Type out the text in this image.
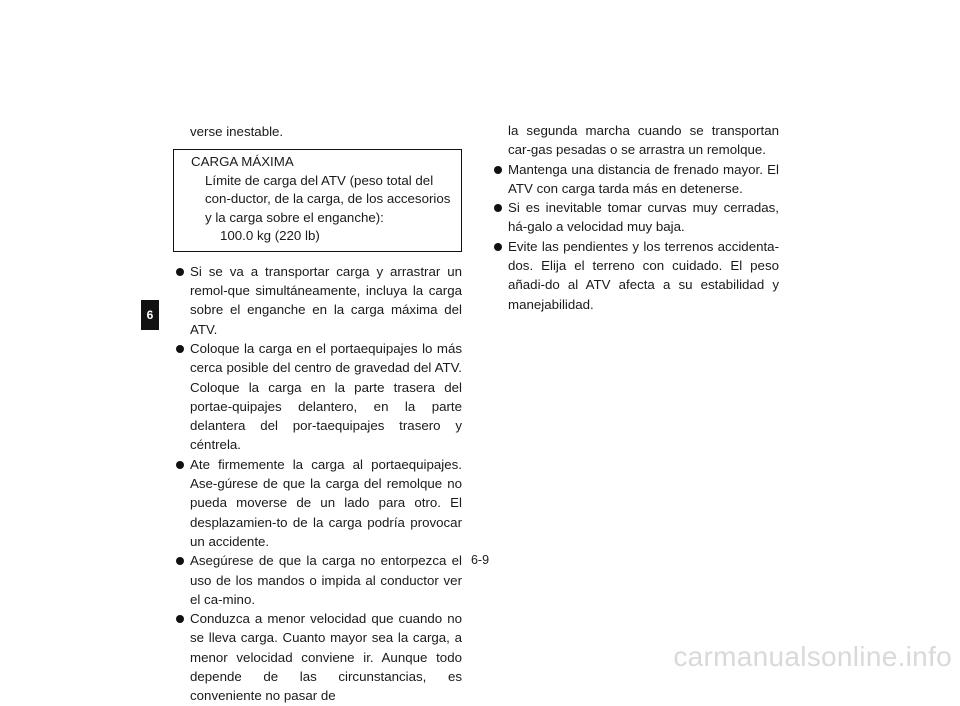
6

verse inestable.

CARGA MÁXIMA
Límite de carga del ATV (peso total del con-ductor, de la carga, de los accesorios y la carga sobre el enganche):
100.0 kg (220 lb)
Si se va a transportar carga y arrastrar un remol-que simultáneamente, incluya la carga sobre el enganche en la carga máxima del ATV.
Coloque la carga en el portaequipajes lo más cerca posible del centro de gravedad del ATV. Coloque la carga en la parte trasera del portae-quipajes delantero, en la parte delantera del por-taequipajes trasero y céntrela.
Ate firmemente la carga al portaequipajes. Ase-gúrese de que la carga del remolque no pueda moverse de un lado para otro. El desplazamien-to de la carga podría provocar un accidente.
Asegúrese de que la carga no entorpezca el uso de los mandos o impida al conductor ver el ca-mino.
Conduzca a menor velocidad que cuando no se lleva carga. Cuanto mayor sea la carga, a menor velocidad conviene ir. Aunque todo depende de las circunstancias, es conveniente no pasar de

la segunda marcha cuando se transportan car-gas pesadas o se arrastra un remolque.

Mantenga una distancia de frenado mayor. El ATV con carga tarda más en detenerse.
Si es inevitable tomar curvas muy cerradas, há-galo a velocidad muy baja.
Evite las pendientes y los terrenos accidenta-dos. Elija el terreno con cuidado. El peso añadi-do al ATV afecta a su estabilidad y manejabilidad.
6-9
carmanualsonline.info
